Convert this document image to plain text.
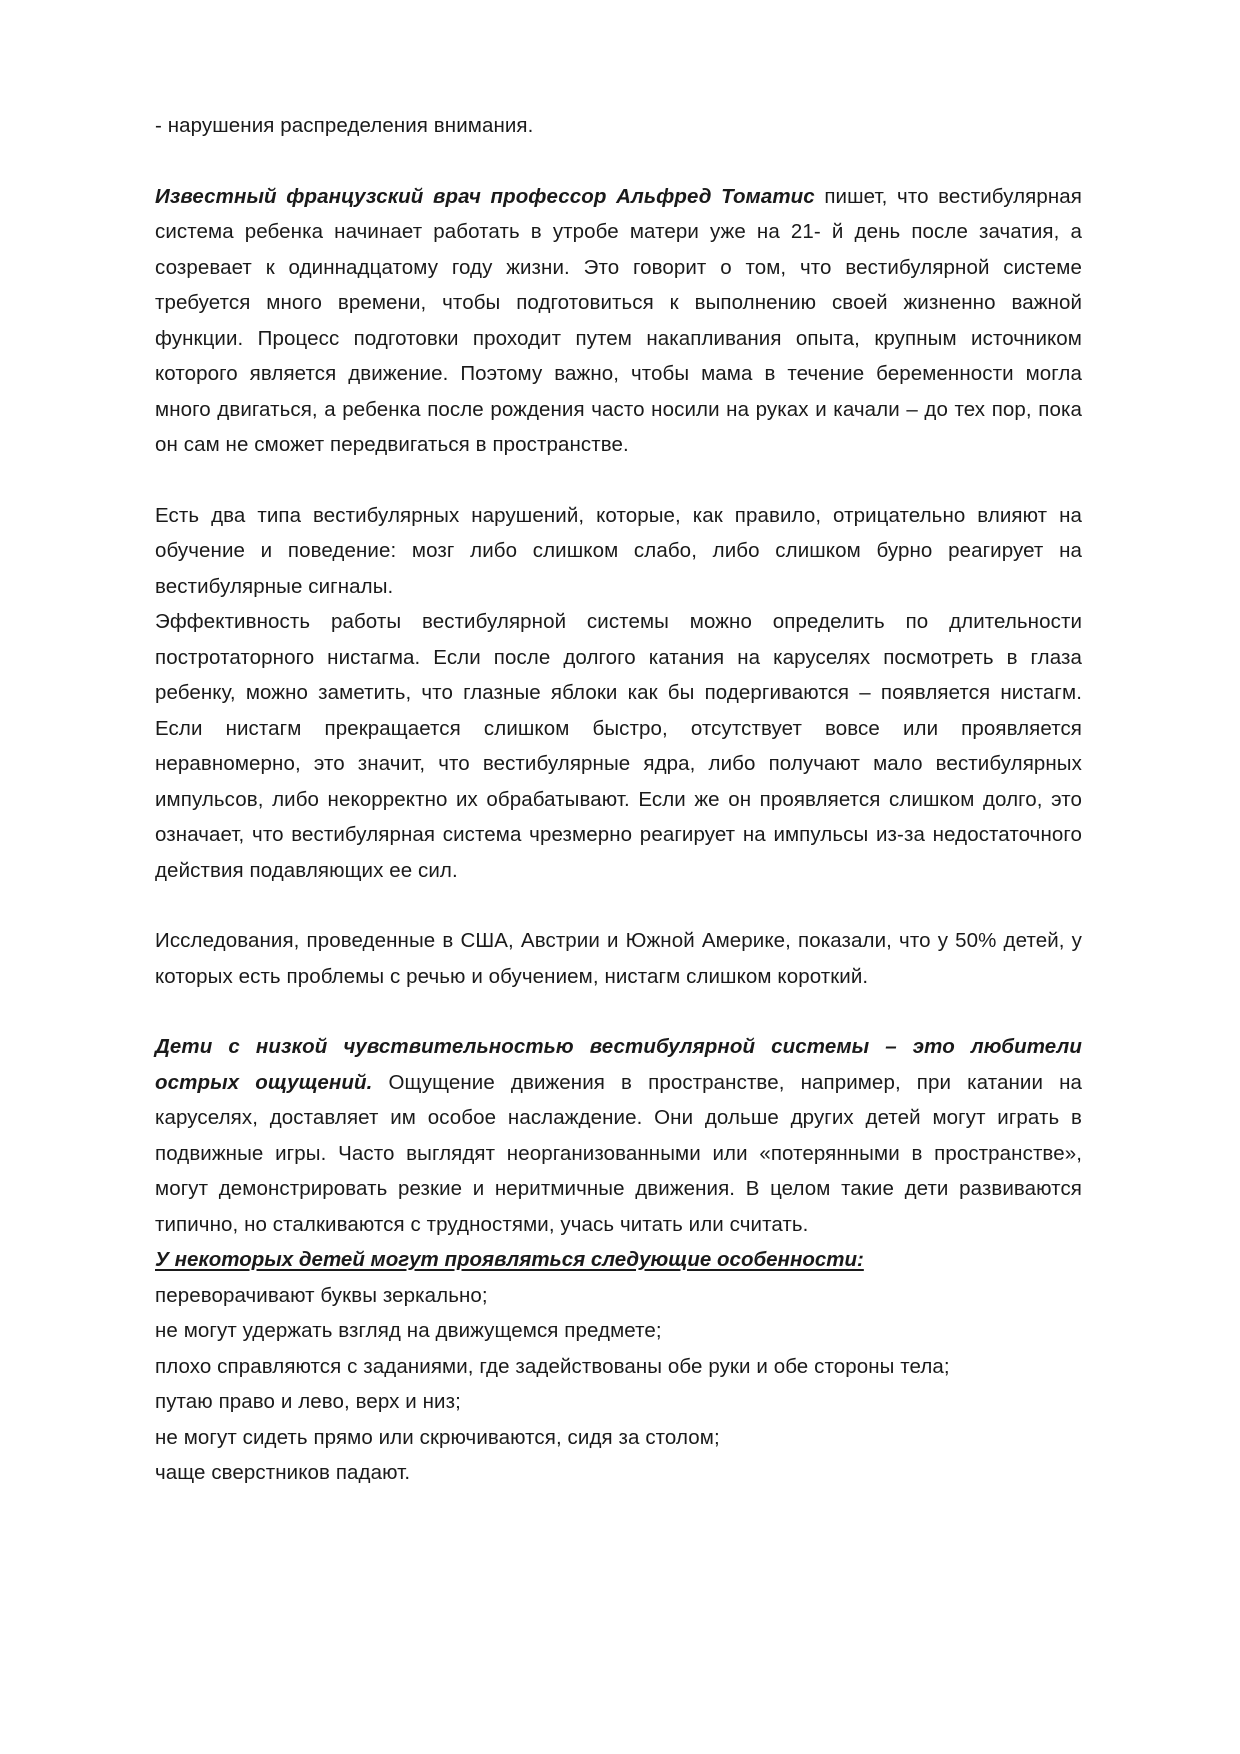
- нарушения распределения внимания.

Известный французский врач профессор Альфред Томатис пишет, что вестибулярная система ребенка начинает работать в утробе матери уже на 21- й день после зачатия, а созревает к одиннадцатому году жизни. Это говорит о том, что вестибулярной системе требуется много времени, чтобы подготовиться к выполнению своей жизненно важной функции. Процесс подготовки проходит путем накапливания опыта, крупным источником которого является движение. Поэтому важно, чтобы мама в течение беременности могла много двигаться, а ребенка после рождения часто носили на руках и качали – до тех пор, пока он сам не сможет передвигаться в пространстве.

Есть два типа вестибулярных нарушений, которые, как правило, отрицательно влияют на обучение и поведение: мозг либо слишком слабо, либо слишком бурно реагирует на вестибулярные сигналы.

Эффективность работы вестибулярной системы можно определить по длительности постротаторного нистагма. Если после долгого катания на каруселях посмотреть в глаза ребенку, можно заметить, что глазные яблоки как бы подергиваются – появляется нистагм. Если нистагм прекращается слишком быстро, отсутствует вовсе или проявляется неравномерно, это значит, что вестибулярные ядра, либо получают мало вестибулярных импульсов, либо некорректно их обрабатывают. Если же он проявляется слишком долго, это означает, что вестибулярная система чрезмерно реагирует на импульсы из-за недостаточного действия подавляющих ее сил.

Исследования, проведенные в США, Австрии и Южной Америке, показали, что у 50% детей, у которых есть проблемы с речью и обучением, нистагм слишком короткий.

Дети с низкой чувствительностью вестибулярной системы – это любители острых ощущений. Ощущение движения в пространстве, например, при катании на каруселях, доставляет им особое наслаждение. Они дольше других детей могут играть в подвижные игры. Часто выглядят неорганизованными или «потерянными в пространстве», могут демонстрировать резкие и неритмичные движения. В целом такие дети развиваются типично, но сталкиваются с трудностями, учась читать или считать.

У некоторых детей могут проявляться следующие особенности:

переворачивают буквы зеркально;

не могут удержать взгляд на движущемся предмете;

плохо справляются с заданиями, где задействованы обе руки и обе стороны тела;

путаю право и лево, верх и низ;

не могут сидеть прямо или скрючиваются, сидя за столом;

чаще сверстников падают.
